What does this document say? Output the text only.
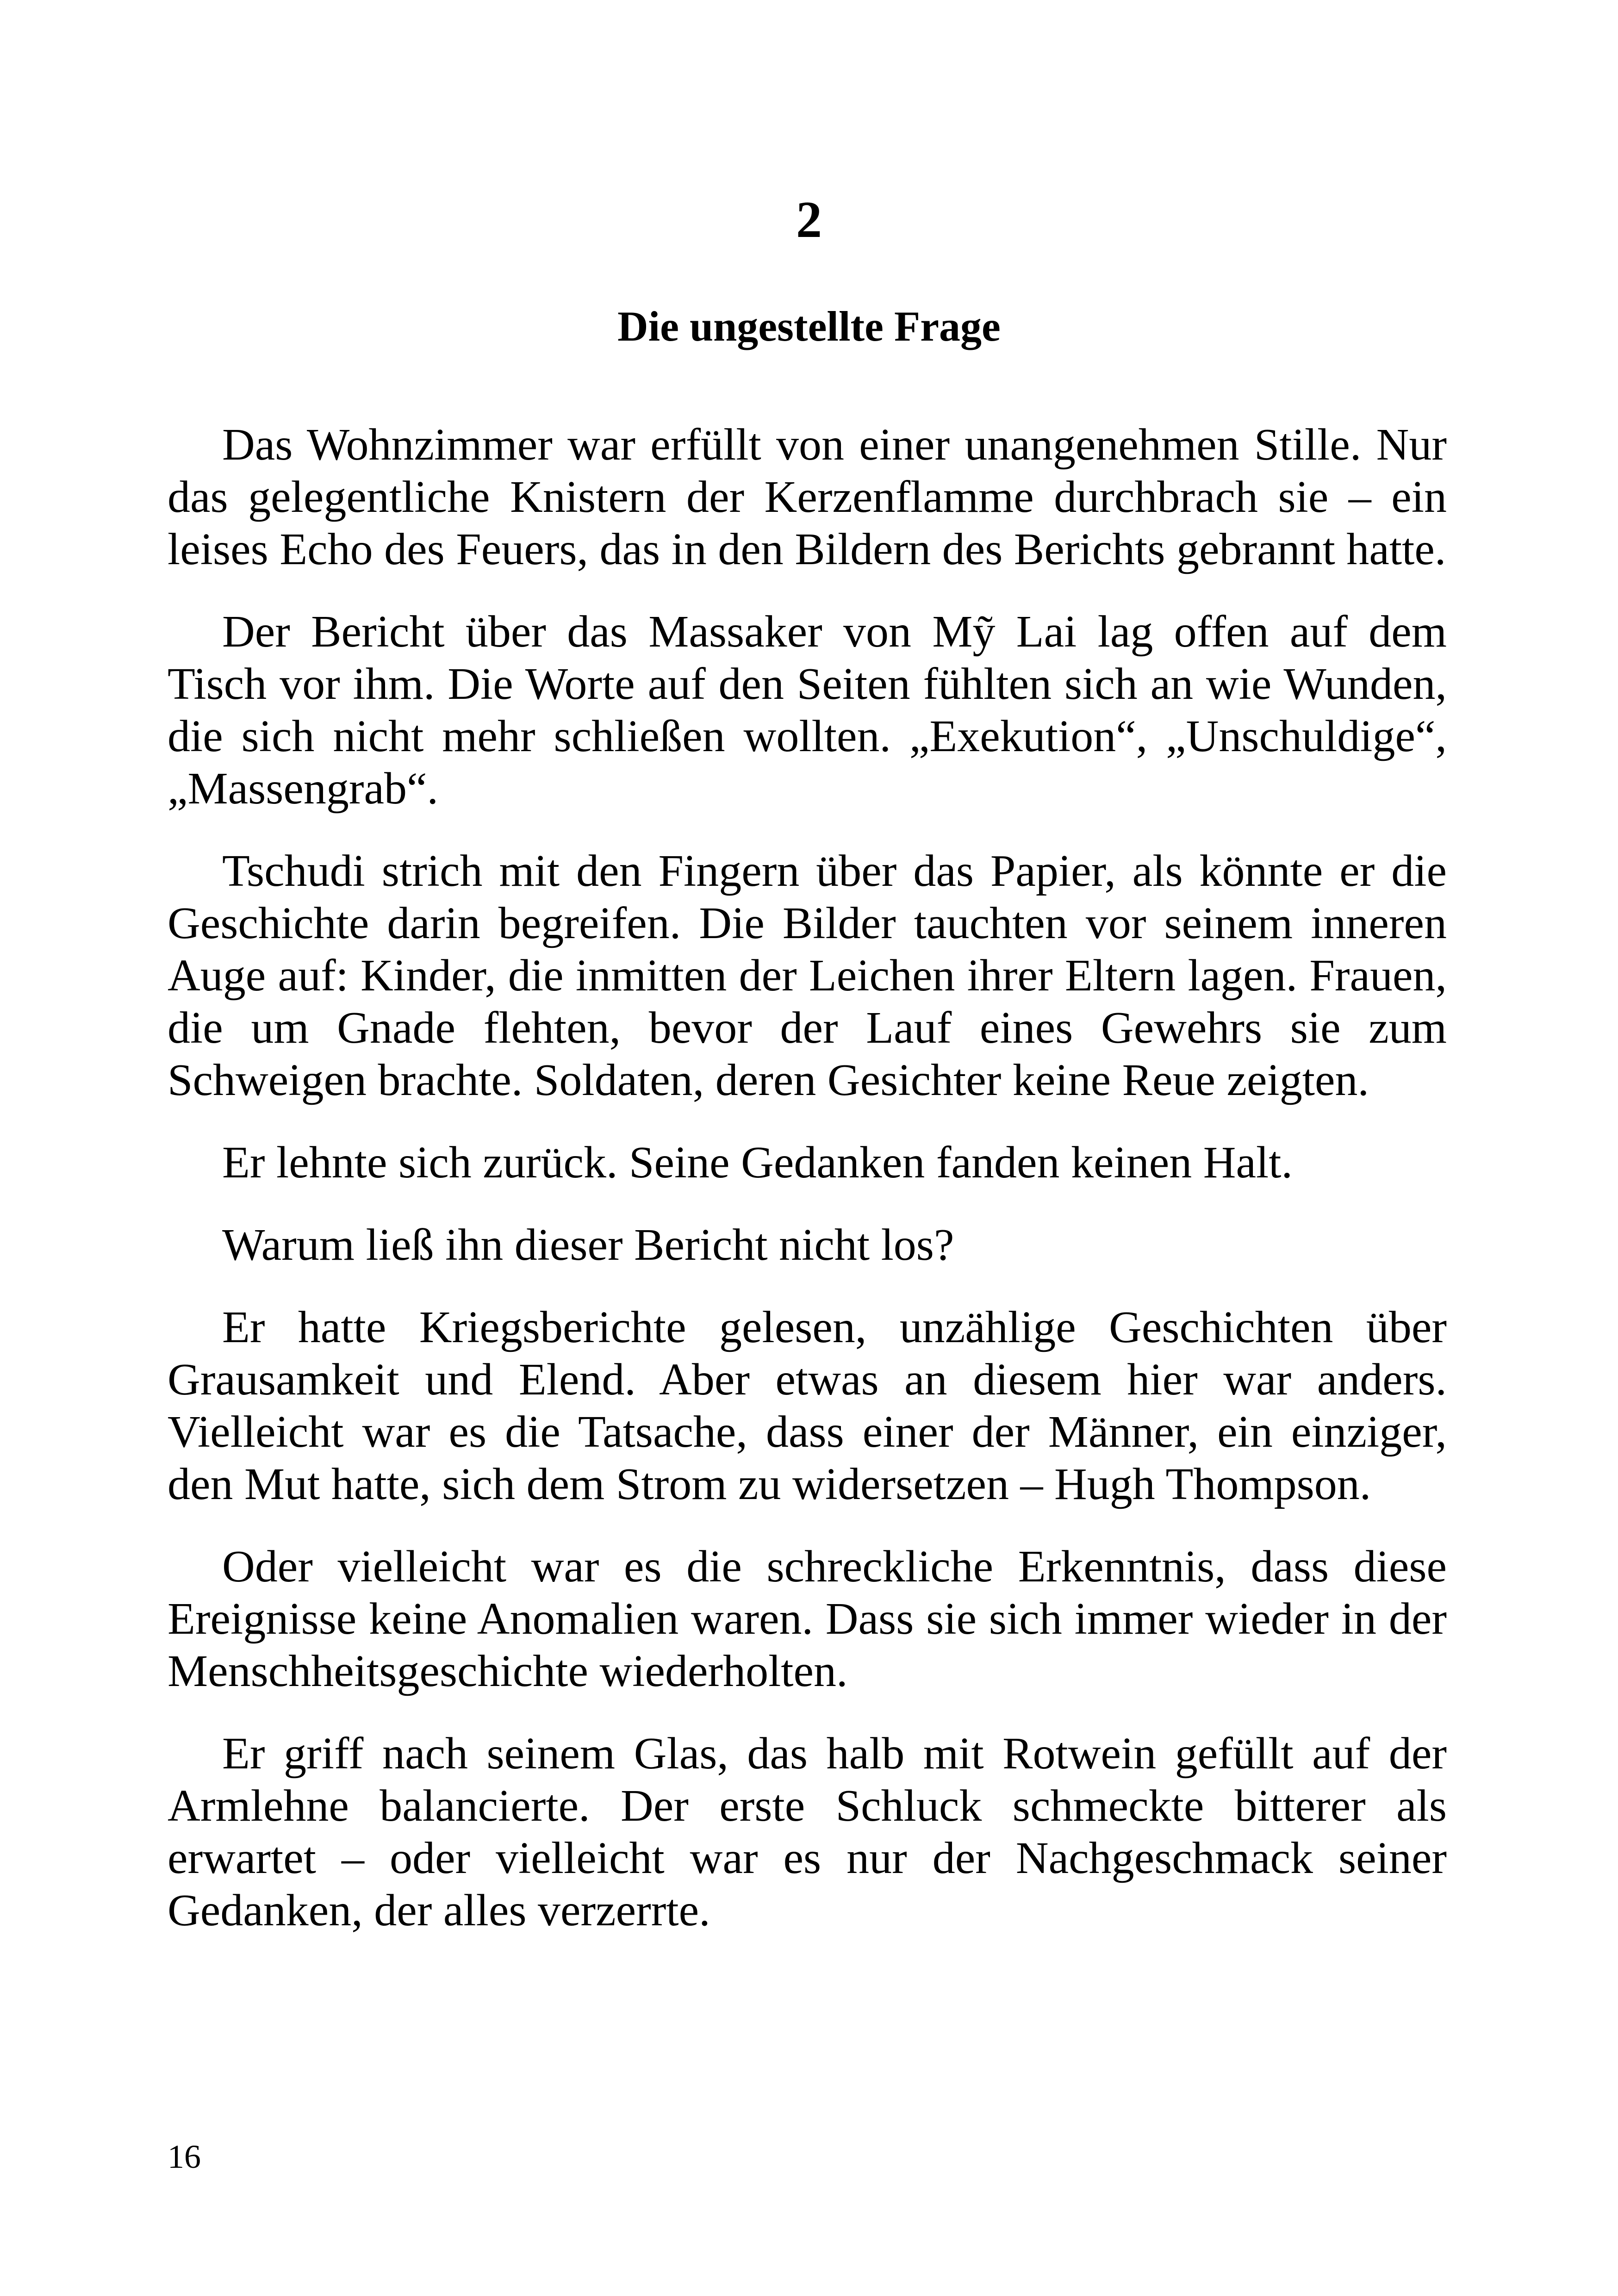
2
Die ungestellte Frage

Das Wohnzimmer war erfüllt von einer unangenehmen Stille. Nur das gelegentliche Knistern der Kerzenflamme durchbrach sie – ein leises Echo des Feuers, das in den Bildern des Berichts gebrannt hatte.

Der Bericht über das Massaker von Mỹ Lai lag offen auf dem Tisch vor ihm. Die Worte auf den Seiten fühlten sich an wie Wunden, die sich nicht mehr schließen wollten. „Exekution“, „Unschuldige“, „Massengrab“.

Tschudi strich mit den Fingern über das Papier, als könnte er die Geschichte darin begreifen. Die Bilder tauchten vor seinem inneren Auge auf: Kinder, die inmitten der Leichen ihrer Eltern lagen. Frauen, die um Gnade flehten, bevor der Lauf eines Gewehrs sie zum Schweigen brachte. Soldaten, deren Gesichter keine Reue zeigten.

Er lehnte sich zurück. Seine Gedanken fanden keinen Halt.

Warum ließ ihn dieser Bericht nicht los?

Er hatte Kriegsberichte gelesen, unzählige Geschichten über Grausamkeit und Elend. Aber etwas an diesem hier war anders. Vielleicht war es die Tatsache, dass einer der Männer, ein einziger, den Mut hatte, sich dem Strom zu widersetzen – Hugh Thompson.

Oder vielleicht war es die schreckliche Erkenntnis, dass diese Ereignisse keine Anomalien waren. Dass sie sich immer wieder in der Menschheitsgeschichte wiederholten.

Er griff nach seinem Glas, das halb mit Rotwein gefüllt auf der Armlehne balancierte. Der erste Schluck schmeckte bitterer als erwartet – oder vielleicht war es nur der Nachgeschmack seiner Gedanken, der alles verzerrte.

16
